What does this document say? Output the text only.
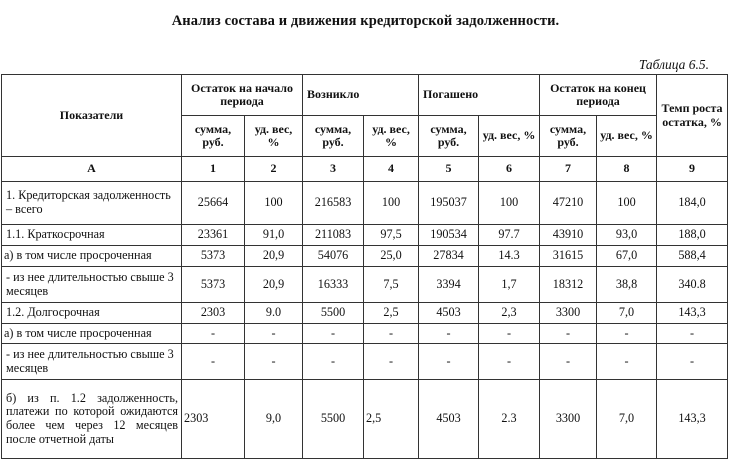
Анализ состава и движения кредиторской задолженности.
Таблица 6.5.
Показатели	Остаток на начало периода		Возникло		Погашено		Остаток на конец периода		Темп роста остатка, %
	сумма, руб.	уд. вес, %	сумма, руб.	уд. вес, %	сумма, руб.	уд. вес, %	сумма, руб.	уд. вес, %	
А	1	2	3	4	5	6	7	8	9
1. Кредиторская задолженность – всего	25664	100	216583	100	195037	100	47210	100	184,0
1.1. Краткосрочная	23361	91,0	211083	97,5	190534	97.7	43910	93,0	188,0
а) в том числе просроченная	5373	20,9	54076	25,0	27834	14.3	31615	67,0	588,4
- из нее длительностью свыше 3 месяцев	5373	20,9	16333	7,5	3394	1,7	18312	38,8	340.8
1.2. Долгосрочная	2303	9.0	5500	2,5	4503	2,3	3300	7,0	143,3
а) в том числе просроченная	-	-	-	-	-	-	-	-	-
- из нее длительностью свыше 3 месяцев	-	-	-	-	-	-	-	-	-
б) из п. 1.2 задолженность, платежи по которой ожидаются более чем через 12 месяцев после отчетной даты	2303	9,0	5500	2,5	4503	2.3	3300	7,0	143,3
